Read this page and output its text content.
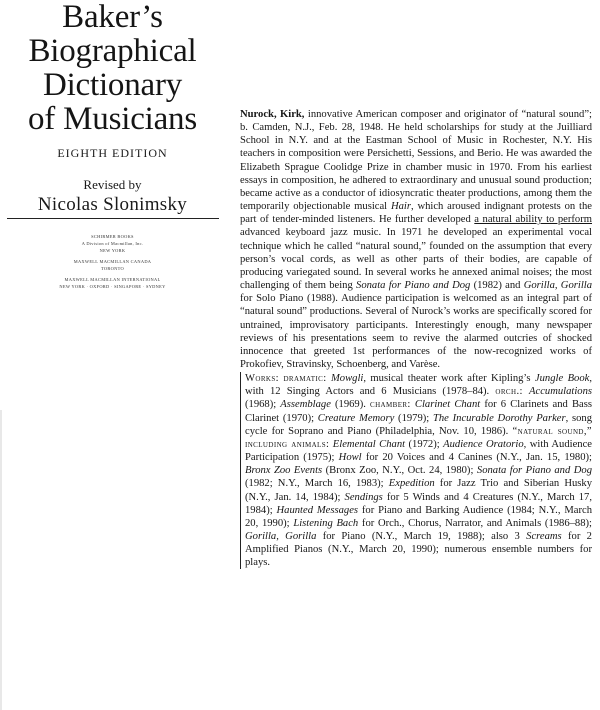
Baker’s
Biographical
Dictionary
of Musicians
EIGHTH EDITION
Revised by
Nicolas Slonimsky
SCHIRMER BOOKS
A Division of Macmillan, Inc.
NEW YORK
MAXWELL MACMILLAN CANADA
TORONTO
MAXWELL MACMILLAN INTERNATIONAL
NEW YORK · OXFORD · SINGAPORE · SYDNEY
Nurock, Kirk, innovative American composer and originator of “natural sound”; b. Camden, N.J., Feb. 28, 1948. He held scholarships for study at the Juilliard School in N.Y. and at the Eastman School of Music in Rochester, N.Y. His teachers in composition were Persichetti, Sessions, and Berio. He was awarded the Elizabeth Sprague Coolidge Prize in chamber music in 1970. From his earliest essays in composition, he adhered to extraordinary and unusual sound production; became active as a conductor of idiosyncratic theater productions, among them the temporarily objectionable musical Hair, which aroused indignant protests on the part of tender-minded listeners. He further developed a natural ability to perform advanced keyboard jazz music. In 1971 he developed an experimental vocal technique which he called “natural sound,” founded on the assumption that every person’s vocal cords, as well as other parts of their bodies, are capable of producing variegated sound. In several works he annexed animal noises; the most challenging of them being Sonata for Piano and Dog (1982) and Gorilla, Gorilla for Solo Piano (1988). Audience participation is welcomed as an integral part of “natural sound” productions. Several of Nurock’s works are specifically scored for untrained, improvisatory participants. Interestingly enough, many newspaper reviews of his presentations seem to revive the alarmed outcries of shocked innocence that greeted 1st performances of the now-recognized works of Prokofiev, Stravinsky, Schoenberg, and Varèse.
Works: dramatic: Mowgli, musical theater work after Kipling’s Jungle Book, with 12 Singing Actors and 6 Musicians (1978–84). orch.: Accumulations (1968); Assemblage (1969). chamber: Clarinet Chant for 6 Clarinets and Bass Clarinet (1970); Creature Memory (1979); The Incurable Dorothy Parker, song cycle for Soprano and Piano (Philadelphia, Nov. 10, 1986). “natural sound,” including animals: Elemental Chant (1972); Audience Oratorio, with Audience Participation (1975); Howl for 20 Voices and 4 Canines (N.Y., Jan. 15, 1980); Bronx Zoo Events (Bronx Zoo, N.Y., Oct. 24, 1980); Sonata for Piano and Dog (1982; N.Y., March 16, 1983); Expedition for Jazz Trio and Siberian Husky (N.Y., Jan. 14, 1984); Sendings for 5 Winds and 4 Creatures (N.Y., March 17, 1984); Haunted Messages for Piano and Barking Audience (1984; N.Y., March 20, 1990); Listening Bach for Orch., Chorus, Narrator, and Animals (1986–88); Gorilla, Gorilla for Piano (N.Y., March 19, 1988); also 3 Screams for 2 Amplified Pianos (N.Y., March 20, 1990); numerous ensemble numbers for plays.
